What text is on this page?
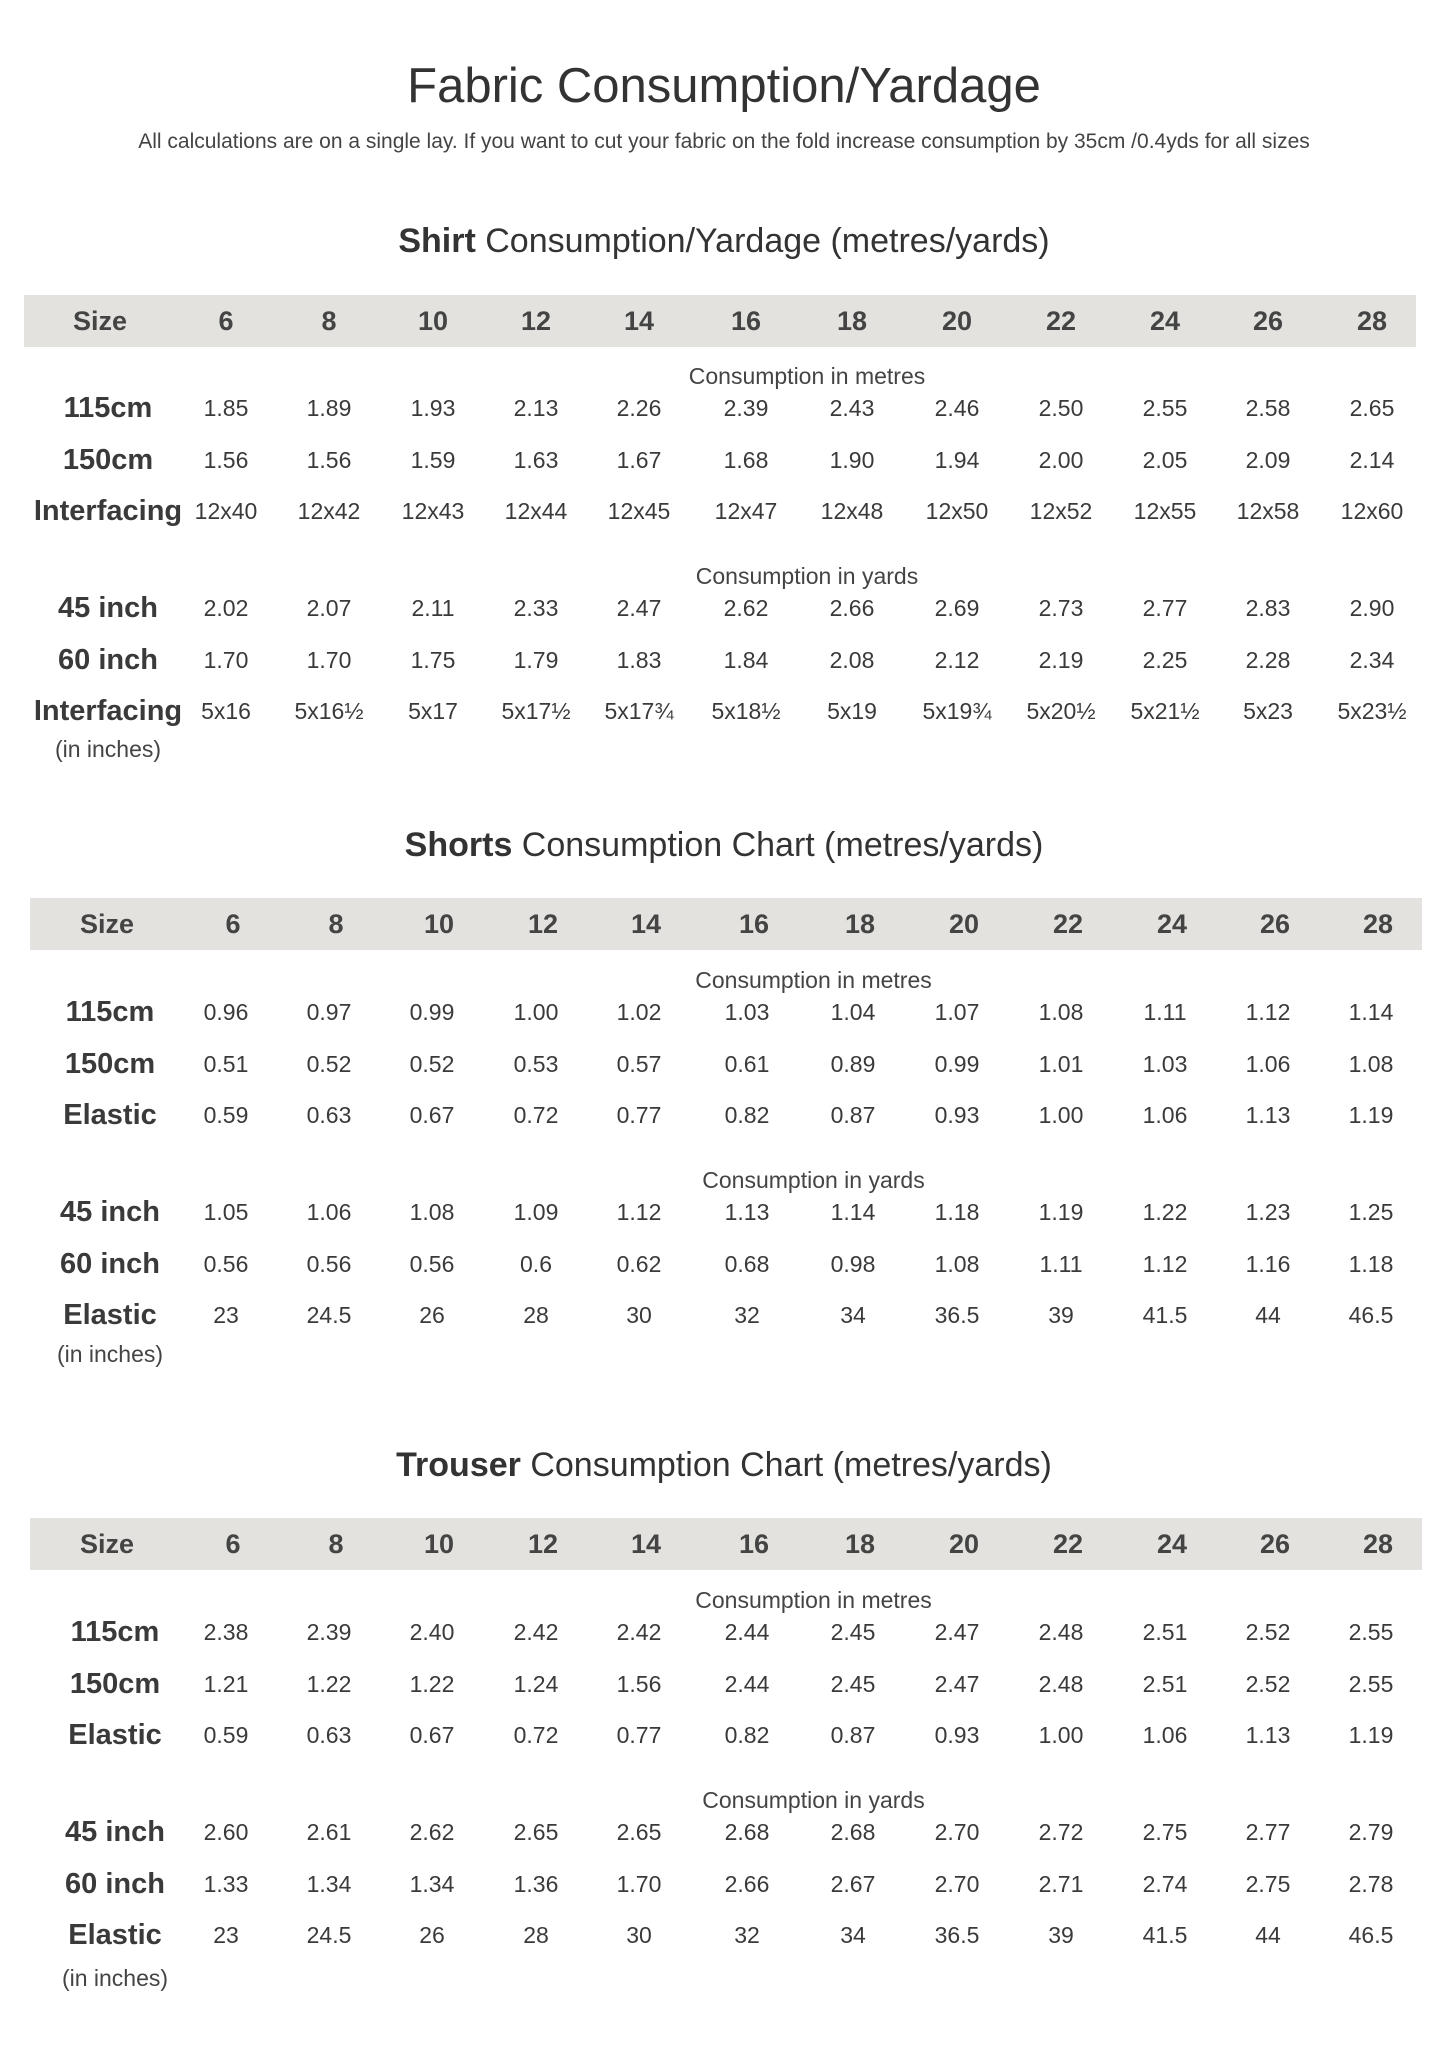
Fabric Consumption/Yardage
All calculations are on a single lay. If you want to cut your fabric on the fold increase consumption by 35cm /0.4yds for all sizes
Shirt Consumption/Yardage (metres/yards)
Size	6	8	10	12	14	16	18	20	22	24	26	28
Consumption in metres
Consumption in yards
115cm 1.85	1.89	1.93	2.13	2.26	2.39	2.43	2.46	2.50	2.55	2.58	2.65
150cm 1.56	1.56	1.59	1.63	1.67	1.68	1.90	1.94	2.00	2.05	2.09	2.14
Interfacing 12x40 12x42 12x43 12x44 12x45 12x47 12x48 12x50 12x52 12x55 12x58 12x60
45 inch 2.02	2.07	2.11	2.33	2.47	2.62	2.66	2.69	2.73	2.77	2.83	2.90
60 inch 1.70	1.70	1.75	1.79	1.83	1.84	2.08	2.12	2.19	2.25	2.28	2.34
Interfacing
(in inches)
5x16 5x16½ 5x17 5x17½ 5x17¾ 5x18½ 5x19 5x19¾ 5x20½ 5x21½ 5x23 5x23½
Shorts Consumption Chart (metres/yards)
Size	6	8	10	12	14	16	18	20	22	24	26	28
Consumption in metres
Consumption in yards
115cm 0.96	0.97	0.99	1.00	1.02	1.03	1.04	1.07	1.08	1.11	1.12	1.14
150cm 0.51	0.52	0.52	0.53	0.57	0.61	0.89	0.99	1.01	1.03	1.06	1.08
Elastic 0.59	0.63	0.67	0.72	0.77	0.82	0.87	0.93	1.00	1.06	1.13	1.19
45 inch 1.05	1.06	1.08	1.09	1.12	1.13	1.14	1.18	1.19	1.22	1.23	1.25
60 inch 0.56	0.56	0.56	0.6	0.62	0.68	0.98	1.08	1.11	1.12	1.16	1.18
Elastic
(in inches)
23	24.5	26	28	30	32	34	36.5	39	41.5	44	46.5
Trouser Consumption Chart (metres/yards)
Size	6	8	10	12	14	16	18	20	22	24	26	28
Consumption in metres
Consumption in yards
115cm 2.38	2.39	2.40	2.42	2.42	2.44	2.45	2.47	2.48	2.51	2.52	2.55
150cm 1.21	1.22	1.22	1.24	1.56	2.44	2.45	2.47	2.48	2.51	2.52	2.55
Elastic 0.59	0.63	0.67	0.72	0.77	0.82	0.87	0.93	1.00	1.06	1.13	1.19
45 inch 2.60	2.61	2.62	2.65	2.65	2.68	2.68	2.70	2.72	2.75	2.77	2.79
60 inch 1.33	1.34	1.34	1.36	1.70	2.66	2.67	2.70	2.71	2.74	2.75	2.78
Elastic
(in inches)
23	24.5	26	28	30	32	34	36.5	39	41.5	44	46.5
